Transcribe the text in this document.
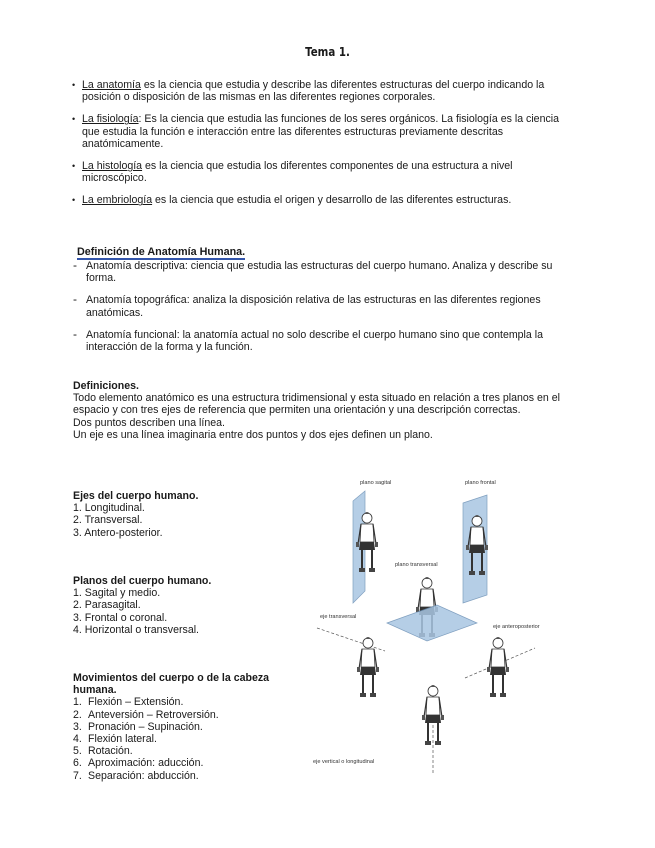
Tema 1.
• La anatomía es la ciencia que estudia y describe las diferentes estructuras del cuerpo indicando la posición o disposición de las mismas en las diferentes regiones corporales.
• La fisiología: Es la ciencia que estudia las funciones de los seres orgánicos. La fisiología es la ciencia que estudia la función e interacción entre las diferentes estructuras previamente descritas anatómicamente.
• La histología es la ciencia que estudia los diferentes componentes de una estructura a nivel microscópico.
• La embriología es la ciencia que estudia el origen y desarrollo de las diferentes estructuras.
Definición de Anatomía Humana.
- Anatomía descriptiva: ciencia que estudia las estructuras del cuerpo humano. Analiza y describe su forma.
- Anatomía topográfica: analiza la disposición relativa de las estructuras en las diferentes regiones anatómicas.
- Anatomía funcional: la anatomía actual no solo describe el cuerpo humano sino que contempla la interacción de la forma y la función.
Definiciones.
Todo elemento anatómico es una estructura tridimensional y esta situado en relación a tres planos en el espacio y con tres ejes de referencia que permiten una orientación y una descripción correctas.
Dos puntos describen una línea.
Un eje es una línea imaginaria entre dos puntos y dos ejes definen un plano.
Ejes del cuerpo humano.
1. Longitudinal.
2. Transversal.
3. Antero-posterior.
Planos del cuerpo humano.
1. Sagital y medio.
2. Parasagital.
3. Frontal o coronal.
4. Horizontal o transversal.
Movimientos del cuerpo o de la cabeza humana.
1. Flexión – Extensión.
2. Anteversión – Retroversión.
3. Pronación – Supinación.
4. Flexión lateral.
5. Rotación.
6. Aproximación: aducción.
7. Separación: abducción.
plano sagital	plano frontal
plano transversal
eje transversal
eje anteroposterior
eje vertical o longitudinal
